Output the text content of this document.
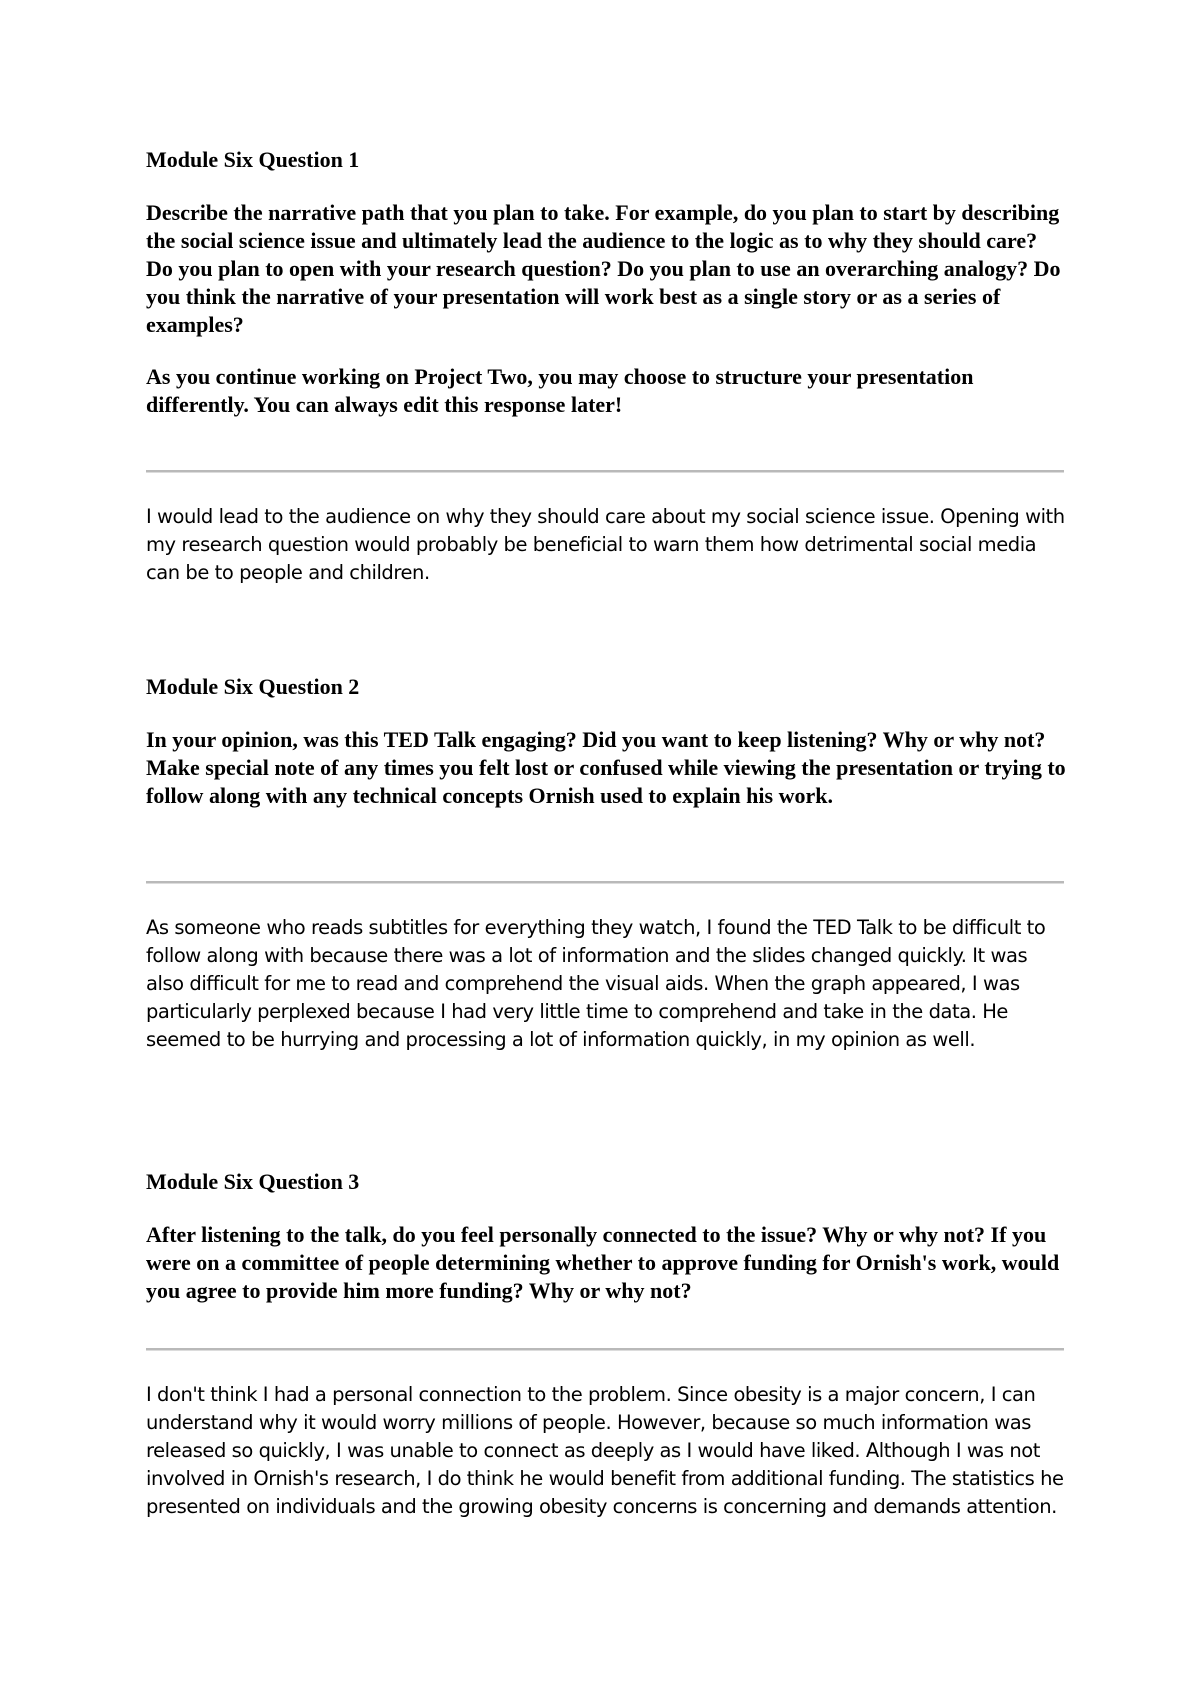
Module Six Question 1

Describe the narrative path that you plan to take. For example, do you plan to start by describing the social science issue and ultimately lead the audience to the logic as to why they should care? Do you plan to open with your research question? Do you plan to use an overarching analogy? Do you think the narrative of your presentation will work best as a single story or as a series of examples?

As you continue working on Project Two, you may choose to structure your presentation differently. You can always edit this response later!

I would lead to the audience on why they should care about my social science issue. Opening with my research question would probably be beneficial to warn them how detrimental social media can be to people and children.

Module Six Question 2

In your opinion, was this TED Talk engaging? Did you want to keep listening? Why or why not? Make special note of any times you felt lost or confused while viewing the presentation or trying to follow along with any technical concepts Ornish used to explain his work.

As someone who reads subtitles for everything they watch, I found the TED Talk to be difficult to follow along with because there was a lot of information and the slides changed quickly. It was also difficult for me to read and comprehend the visual aids. When the graph appeared, I was particularly perplexed because I had very little time to comprehend and take in the data. He seemed to be hurrying and processing a lot of information quickly, in my opinion as well.

Module Six Question 3

After listening to the talk, do you feel personally connected to the issue? Why or why not? If you were on a committee of people determining whether to approve funding for Ornish's work, would you agree to provide him more funding? Why or why not?

I don't think I had a personal connection to the problem. Since obesity is a major concern, I can understand why it would worry millions of people. However, because so much information was released so quickly, I was unable to connect as deeply as I would have liked. Although I was not involved in Ornish's research, I do think he would benefit from additional funding. The statistics he presented on individuals and the growing obesity concerns is concerning and demands attention.
